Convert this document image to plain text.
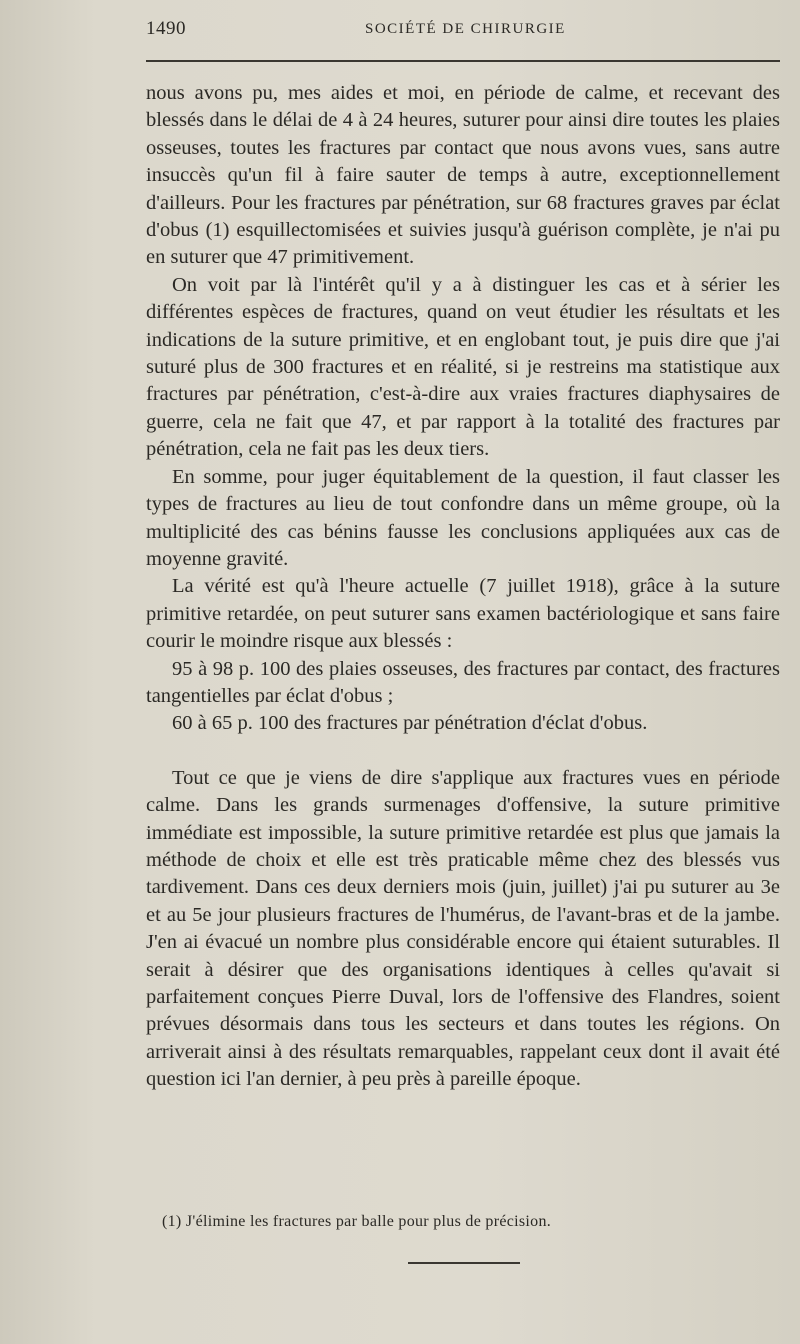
1490	SOCIÉTÉ DE CHIRURGIE

nous avons pu, mes aides et moi, en période de calme, et recevant des blessés dans le délai de 4 à 24 heures, suturer pour ainsi dire toutes les plaies osseuses, toutes les fractures par contact que nous avons vues, sans autre insuccès qu'un fil à faire sauter de temps à autre, exceptionnellement d'ailleurs. Pour les fractures par pénétration, sur 68 fractures graves par éclat d'obus (1) esquillectomisées et suivies jusqu'à guérison complète, je n'ai pu en suturer que 47 primitivement.

On voit par là l'intérêt qu'il y a à distinguer les cas et à sérier les différentes espèces de fractures, quand on veut étudier les résultats et les indications de la suture primitive, et en englobant tout, je puis dire que j'ai suturé plus de 300 fractures et en réalité, si je restreins ma statistique aux fractures par pénétration, c'est-à-dire aux vraies fractures diaphysaires de guerre, cela ne fait que 47, et par rapport à la totalité des fractures par pénétration, cela ne fait pas les deux tiers.

En somme, pour juger équitablement de la question, il faut classer les types de fractures au lieu de tout confondre dans un même groupe, où la multiplicité des cas bénins fausse les conclusions appliquées aux cas de moyenne gravité.

La vérité est qu'à l'heure actuelle (7 juillet 1918), grâce à la suture primitive retardée, on peut suturer sans examen bactériologique et sans faire courir le moindre risque aux blessés :

95 à 98 p. 100 des plaies osseuses, des fractures par contact, des fractures tangentielles par éclat d'obus ;

60 à 65 p. 100 des fractures par pénétration d'éclat d'obus.

Tout ce que je viens de dire s'applique aux fractures vues en période calme. Dans les grands surmenages d'offensive, la suture primitive immédiate est impossible, la suture primitive retardée est plus que jamais la méthode de choix et elle est très praticable même chez des blessés vus tardivement. Dans ces deux derniers mois (juin, juillet) j'ai pu suturer au 3e et au 5e jour plusieurs fractures de l'humérus, de l'avant-bras et de la jambe. J'en ai évacué un nombre plus considérable encore qui étaient suturables. Il serait à désirer que des organisations identiques à celles qu'avait si parfaitement conçues Pierre Duval, lors de l'offensive des Flandres, soient prévues désormais dans tous les secteurs et dans toutes les régions. On arriverait ainsi à des résultats remarquables, rappelant ceux dont il avait été question ici l'an dernier, à peu près à pareille époque.

(1) J'élimine les fractures par balle pour plus de précision.
